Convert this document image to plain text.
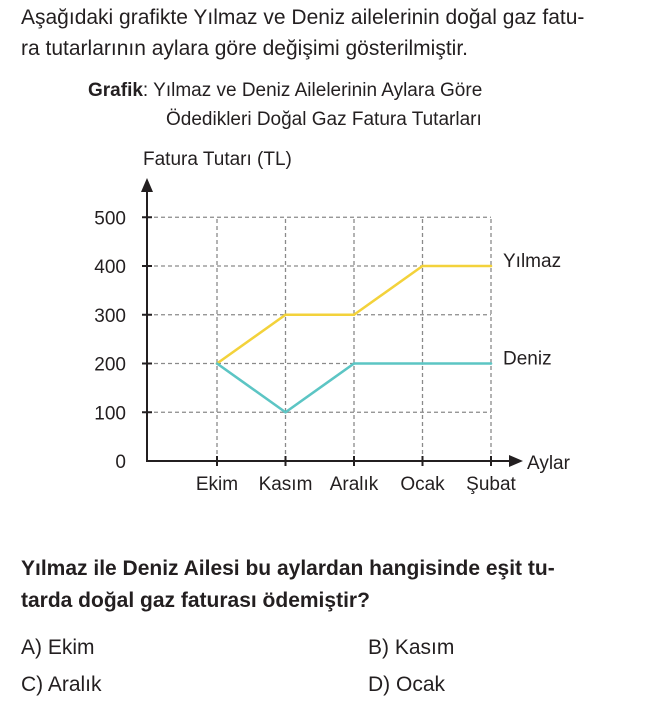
Aşağıdaki grafikte Yılmaz ve Deniz ailelerinin doğal gaz fatu-
ra tutarlarının aylara göre değişimi gösterilmiştir.

Grafik: Yılmaz ve Deniz Ailelerinin Aylara Göre
Ödedikleri Doğal Gaz Fatura Tutarları
0
100
200
300
400
500
Ekim Kasım Aralık Ocak Şubat
Fatura Tutarı (TL)
Aylar
Yılmaz
Deniz

Yılmaz ile Deniz Ailesi bu aylardan hangisinde eşit tu-
tarda doğal gaz faturası ödemiştir?

A) Ekim	B) Kasım
C) Aralık	D) Ocak
